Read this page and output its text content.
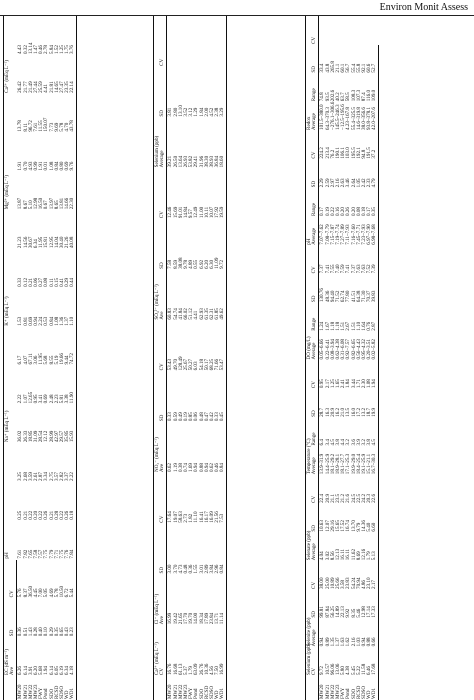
Environ Monit Assess
	EC (dS m⁻¹)			pH			Na⁺ (mEq L⁻¹)			K⁺ (mEq L⁻¹)			Mg²⁺ (mEq L⁻¹)			Ca²⁺ (mEq L⁻¹)	
	Ave	SD	CV														
MW20	6.26	0.36	5.76	7.61	0.25	3.25	36.02	2.22	6.17	1.53	0.33	21.23	13.87	1.91	13.78	26.42	4.43
MW21	6.14	0.51	8.37	7.82	0.21	2.68	26.33	1.07	4.07	0.81	0.12	14.56	8.67	0.70	8.11	21.77	0.32
MW22	3.91	1.43	36.50	7.65	0.22	3.59	18.85	12.65	67.11	0.69	0.21	30.67	5.10	4.93	96.72	21.49	13.14
MW23	6.20	0.28	4.45	7.58	0.20	2.61	31.09	0.95	3.06	0.94	0.06	6.34	12.98	0.99	7.61	27.44	1.47
FWY	5.68	0.40	7.00	7.57	0.22	2.87	28.54	3.41	11.95	2.24	0.27	11.95	16.50	1.91	11.55	25.59	0.46
Pond	1.94	0.10	5.05	7.75	0.26	3.34	12.12	0.69	5.68	0.53	0.08	15.81	0.67	0.01	150.07	4.41	2.78
SDO	6.14	0.29	4.69	7.79	0.21	2.75	28.99	2.48	8.55	0.84	0.11	12.95	13.97	1.08	7.73	21.81	5.84
RCSD	6.05	0.35	5.78	7.71	0.28	3.57	42.97	2.23	5.19	1.08	0.15	14.04	8.65	0.84	9.69	14.65	1.52
SDSO	6.19	0.65	10.50	7.75	0.22	2.82	29.57	5.81	19.66	1.36	0.41	30.40	13.81	0.80	5.78	27.47	1.25
WD	6.34	0.43	6.72	7.76	0.26	3.37	35.85	3.38	9.44	1.37	0.29	21.26	14.66	0.69	4.70	23.35	1.75
WD1	4.18	0.23	5.44	7.84	0.18	2.22	15.93	11.90	74.72	1.10	0.44	40.08	22.30	9.76	43.78	22.14	3.76
	Ca²⁺ (mEq L⁻¹)	Cl⁻ (mEq L⁻¹)			NO₃⁻ (mEq L⁻¹)			SO₄²⁻ (mEq L⁻¹)			Selenium (ppb)		
	CV	Ave	SD	CV	Ave	SD	CV	Ave	SD	CV	Average	SD	CV
MW20	16.76	16.99	3.00	17.64	0.62	0.33	53.43	60.83	7.58	12.46	39.21	3.81	
MW21	16.68	19.42	3.70	19.07	1.19	0.59	49.70	54.74	8.59	15.69	26.50	2.80	
MW22	61.13	21.65	4.73	58.63	0.38	0.49	128.49	41.84	38.08	91.01	13.64	13.10	
MW23	5.37	17.70	0.48	2.73	0.74	0.19	25.67	66.02	9.78	14.84	26.93	3.52	
FWY	1.79	19.70	0.36	1.82	1.69	0.85	50.27	51.12	4.89	9.57	53.82	3.12	
Pond	63.09	14.00	1.55	11.10	0.94	0.06	6.03	4.41	0.55	12.49	29.41	1.29	
SDO	26.76	18.34	3.01	16.41	0.88	0.48	54.18	62.93	6.92	11.00	31.96	1.84	
RCSD	10.36	17.89	2.89	16.17	0.94	0.47	50.17	61.35	6.20	10.11	38.30	2.00	
SDSO	4.56	23.84	3.84	16.09	0.62	0.42	68.25	62.31	6.30	10.07	38.93	4.52	
WD	7.50	13.71	2.96	21.56	0.46	0.33	71.66	61.85	11.09	17.92	36.84	2.38	
WD1	16.99	11.14	0.84	7.53	0.84	0.45	53.47	49.62	9.72	19.59	18.60	3.29	
	Selenium (ppb)	Selenite (ppb)			Selenate (ppb)			Temperature (°C)				DO (mg/L)				pH				Redox			
	CV	Average	SD	CV	Average	SD	CV	Average	Range	SD	CV	Average	Range	SD	CV	Average	Range	SD	CV	Average	Range	SD	CV
MW20	9.72	0.94	99.81	38.00	4.04	10.63	22.4	13.9–31.9	6.4	28.7	0.95	0.05–6.66	1.24	130.76	7.37	7.07–7.62	0.17	2.29	224.2	101.5–380.0	74.8	33.4	
MW21	10.57	0.89	87.84	25.00	3.02	12.07	20.9	14.4–25.9	3.4	16.3	2.17	0.22–6.41	1.67	48.36	7.41	7.08–7.79	0.19	2.59	213.4	64.3–370.3	93.5	43.8	
MW22	96.06	1.35	56.25	10.89	8.56	29.16	21.1	18.1–29.2	4.5	20.9	1.25	0.08–3.94	1.18	94.40	7.55	7.15–7.87	0.22	2.97	76.2	−276.1–306.6	202.6	265.8	
MW23	13.06	1.37	14.89	25.66	12.13	15.65	23.5	18.9–28.1	3.8	16.2	1.65	0.62–4.38	1.18	71.52	7.40	7.19–7.74	0.16	2.16	190.1	145.5–246.3	40.2	21.1	
FWY	5.80	1.63	22.13	3.58	16.11	17.52	21.2	18.1–27.7	4.4	21.0	2.41	0.31–6.08	1.51	62.74	7.59	7.27–7.89	0.20	2.63	106.1	−12.5–195.6	63.7	60.1	
Pond	4.38	1.62	9.92	23.83	16.11	16.74	21.6	17.1–25.3	3.2	13.5	1.84	0.92–7.57	2.67	77.80	7.41	7.11–7.93	0.26	3.46	103.0	4.23–167.8	58.5	56.7	
SDO	5.45	2.16	8.35	54.24	11.62	13.70	24.5	19.9–29.0	3.6	16.0	3.44	0.82–6.65	1.51	41.51	7.37	7.16–7.60	0.20	2.64	195.5	55.4–325.5	108.3	55.4	
RCSD	5.22	1.03	5.46	70.94	8.69	9.79	22.5	18.4–25.4	3.9	17.2	1.71	0.56–4.43	1.10	64.38	7.63	7.45–7.71	0.08	1.05	192.1	14.6–319.8	107.3	55.8	
SDSO	11.58	0.94	12.98	4.86	12.16	14.36	24.2	19.1–25.9	3.2	13.2	2.30	0.95–4.32	1.64	71.30	7.63	7.23–7.93	0.18	2.42	94.8	38.0–356.6	87.4	92.1	
WD	6.46	0.88	17.14	23.10	1.79	5.40	20.3	15.1–21.1	3.8	18.7	1.08	0.20–3.51	0.76	70.37	7.52	6.97–7.90	0.17	2.33	191.5	93.8–378.1	116.0	60.6	
WD1	17.68	0.66	17.33	2.17	5.13	6.60	22.6	16.7–30.3	4.5	19.9	1.94	0.02–5.82	2.87	39.83	7.39	6.98–7.68	0.35	4.79	37.2	42.0–207.6	109.0	52.7	
